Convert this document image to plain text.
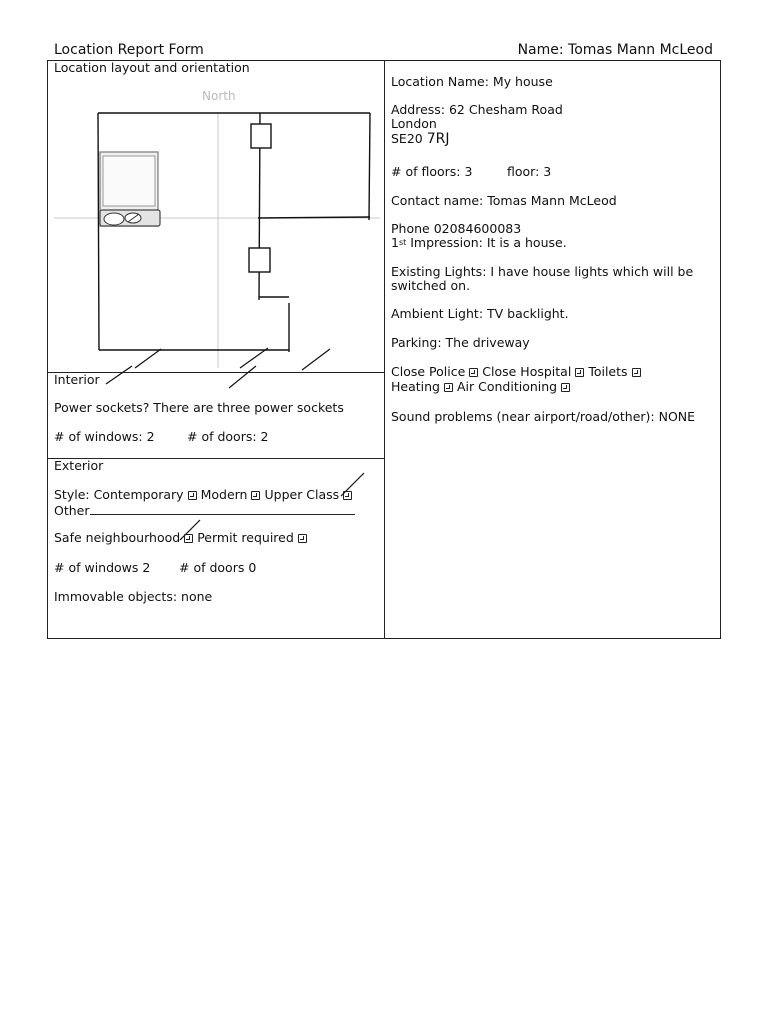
Location Report Form	Name: Tomas Mann McLeod
Location layout and orientation
North
Interior
Power sockets? There are three power sockets
# of windows: 2	# of doors: 2
Exterior
Style: Contemporary Modern Upper Class
Other
Safe neighbourhood Permit required
# of windows 2 # of doors 0
Immovable objects: none
Location Name: My house
Address: 62 Chesham Road
London
SE20 7RJ
# of floors: 3	floor: 3
Contact name: Tomas Mann McLeod
Phone 02084600083
1st Impression: It is a house.
Existing Lights: I have house lights which will be
switched on.
Ambient Light: TV backlight.
Parking: The driveway
Close Police Close Hospital Toilets
Heating Air Conditioning
Sound problems (near airport/road/other): NONE
